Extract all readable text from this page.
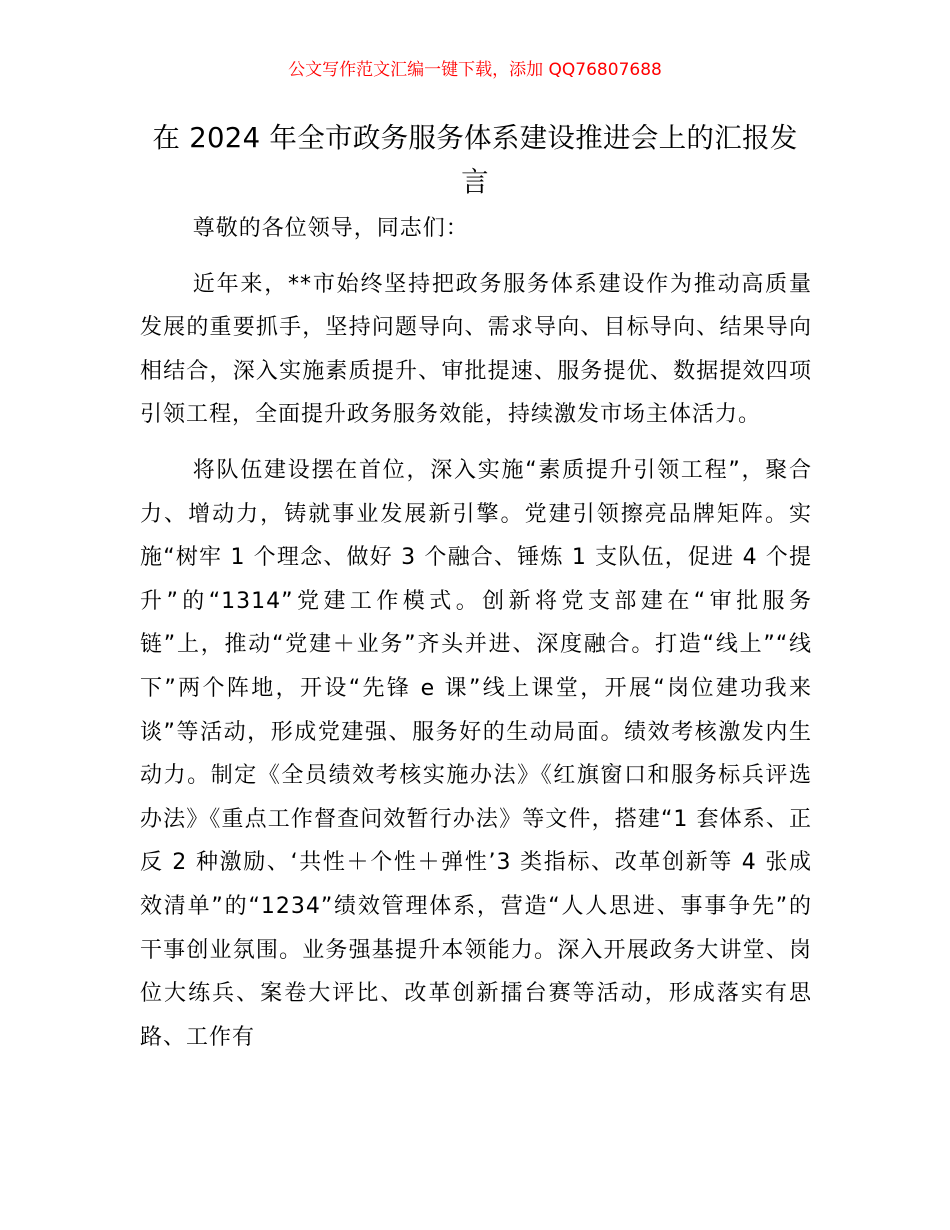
公文写作范文汇编一键下载，添加 QQ76807688
在 2024 年全市政务服务体系建设推进会上的汇报发言

尊敬的各位领导，同志们：

近年来，**市始终坚持把政务服务体系建设作为推动高质量发展的重要抓手，坚持问题导向、需求导向、目标导向、结果导向相结合，深入实施素质提升、审批提速、服务提优、数据提效四项引领工程，全面提升政务服务效能，持续激发市场主体活力。

将队伍建设摆在首位，深入实施“素质提升引领工程”，聚合力、增动力，铸就事业发展新引擎。党建引领擦亮品牌矩阵。实施“树牢 1 个理念、做好 3 个融合、锤炼 1 支队伍，促进 4 个提升”的“1314”党建工作模式。创新将党支部建在“审批服务链”上，推动“党建＋业务”齐头并进、深度融合。打造“线上”“线下”两个阵地，开设“先锋 e 课”线上课堂，开展“岗位建功我来谈”等活动，形成党建强、服务好的生动局面。绩效考核激发内生动力。制定《全员绩效考核实施办法》《红旗窗口和服务标兵评选办法》《重点工作督查问效暂行办法》等文件，搭建“1 套体系、正反 2 种激励、‘共性＋个性＋弹性’3 类指标、改革创新等 4 张成效清单”的“1234”绩效管理体系，营造“人人思进、事事争先”的干事创业氛围。业务强基提升本领能力。深入开展政务大讲堂、岗位大练兵、案卷大评比、改革创新擂台赛等活动，形成落实有思路、工作有
